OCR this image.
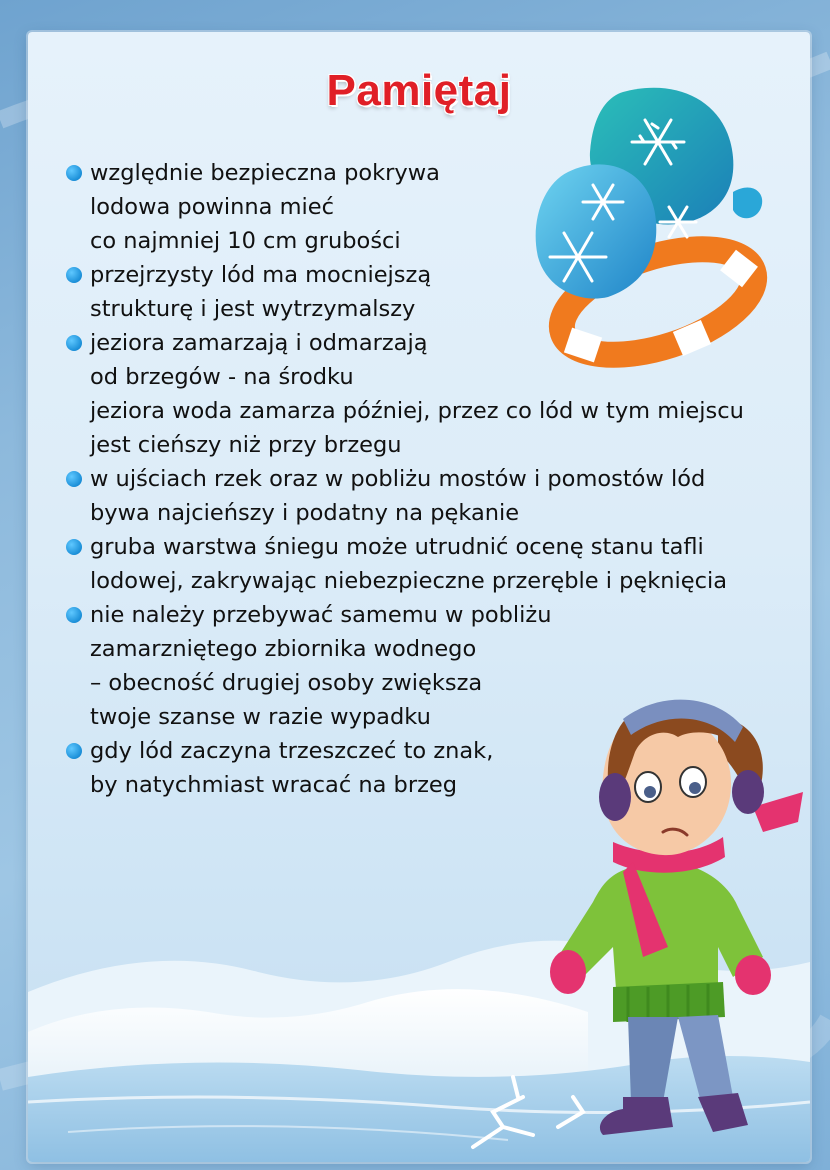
Pamiętaj
względnie bezpieczna pokrywa
lodowa powinna mieć
co najmniej 10 cm grubości
przejrzysty lód ma mocniejszą
strukturę i jest wytrzymalszy
jeziora zamarzają i odmarzają
od brzegów - na środku
jeziora woda zamarza później, przez co lód w tym miejscu
jest cieńszy niż przy brzegu
w ujściach rzek oraz w pobliżu mostów i pomostów lód
bywa najcieńszy i podatny na pękanie
gruba warstwa śniegu może utrudnić ocenę stanu tafli
lodowej, zakrywając niebezpieczne przeręble i pęknięcia
nie należy przebywać samemu w pobliżu
zamarzniętego zbiornika wodnego
– obecność drugiej osoby zwiększa
twoje szanse w razie wypadku
gdy lód zaczyna trzeszczeć to znak,
by natychmiast wracać na brzeg
